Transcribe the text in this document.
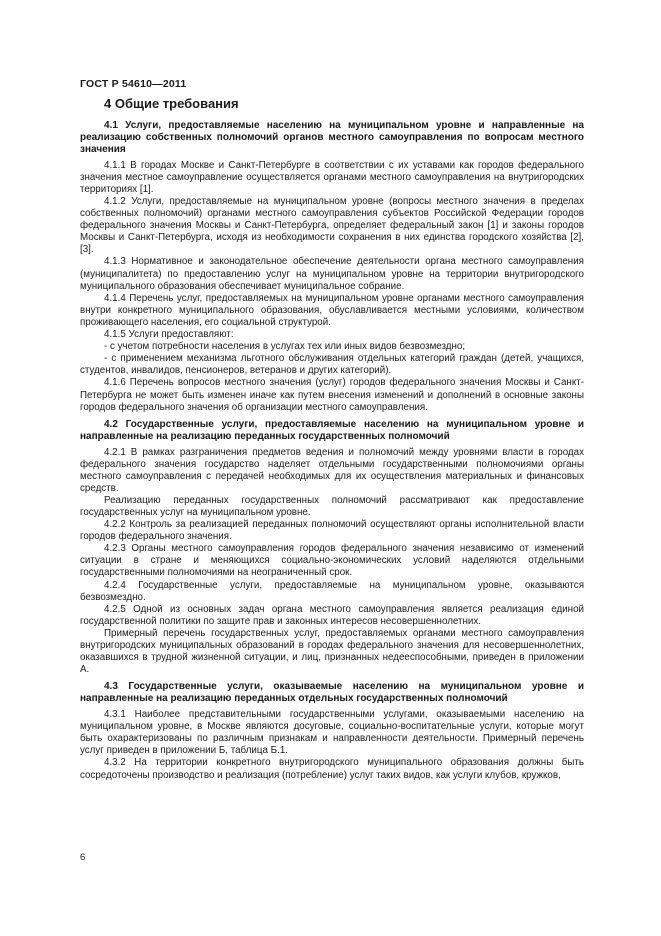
ГОСТ Р 54610—2011
4 Общие требования
4.1 Услуги, предоставляемые населению на муниципальном уровне и направленные на реализацию собственных полномочий органов местного самоуправления по вопросам местного значения
4.1.1 В городах Москве и Санкт-Петербурге в соответствии с их уставами как городов федерального значения местное самоуправление осуществляется органами местного самоуправления на внутригородских территориях [1].
4.1.2 Услуги, предоставляемые на муниципальном уровне (вопросы местного значения в пределах собственных полномочий) органами местного самоуправления субъектов Российской Федерации городов федерального значения Москвы и Санкт-Петербурга, определяет федеральный закон [1] и законы городов Москвы и Санкт-Петербурга, исходя из необходимости сохранения в них единства городского хозяйства [2], [3].
4.1.3 Нормативное и законодательное обеспечение деятельности органа местного самоуправления (муниципалитета) по предоставлению услуг на муниципальном уровне на территории внутригородского муниципального образования обеспечивает муниципальное собрание.
4.1.4 Перечень услуг, предоставляемых на муниципальном уровне органами местного самоуправления внутри конкретного муниципального образования, обуславливается местными условиями, количеством проживающего населения, его социальной структурой.
4.1.5 Услуги предоставляют:
- с учетом потребности населения в услугах тех или иных видов безвозмездно;
- с применением механизма льготного обслуживания отдельных категорий граждан (детей, учащихся, студентов, инвалидов, пенсионеров, ветеранов и других категорий).
4.1.6 Перечень вопросов местного значения (услуг) городов федерального значения Москвы и Санкт-Петербурга не может быть изменен иначе как путем внесения изменений и дополнений в основные законы городов федерального значения об организации местного самоуправления.
4.2 Государственные услуги, предоставляемые населению на муниципальном уровне и направленные на реализацию переданных государственных полномочий
4.2.1 В рамках разграничения предметов ведения и полномочий между уровнями власти в городах федерального значения государство наделяет отдельными государственными полномочиями органы местного самоуправления с передачей необходимых для их осуществления материальных и финансовых средств.
Реализацию переданных государственных полномочий рассматривают как предоставление государственных услуг на муниципальном уровне.
4.2.2 Контроль за реализацией переданных полномочий осуществляют органы исполнительной власти городов федерального значения.
4.2.3 Органы местного самоуправления городов федерального значения независимо от изменений ситуации в стране и меняющихся социально-экономических условий наделяются отдельными государственными полномочиями на неограниченный срок.
4.2.4 Государственные услуги, предоставляемые на муниципальном уровне, оказываются безвозмездно.
4.2.5 Одной из основных задач органа местного самоуправления является реализация единой государственной политики по защите прав и законных интересов несовершеннолетних.
Примерный перечень государственных услуг, предоставляемых органами местного самоуправления внутригородских муниципальных образований в городах федерального значения для несовершеннолетних, оказавшихся в трудной жизненной ситуации, и лиц, признанных недееспособными, приведен в приложении А.
4.3 Государственные услуги, оказываемые населению на муниципальном уровне и направленные на реализацию переданных отдельных государственных полномочий
4.3.1 Наиболее представительными государственными услугами, оказываемыми населению на муниципальном уровне, в Москве являются досуговые, социально-воспитательные услуги, которые могут быть охарактеризованы по различным признакам и направленности деятельности. Примерный перечень услуг приведен в приложении Б, таблица Б.1.
4.3.2 На территории конкретного внутригородского муниципального образования должны быть сосредоточены производство и реализация (потребление) услуг таких видов, как услуги клубов, кружков,
6
